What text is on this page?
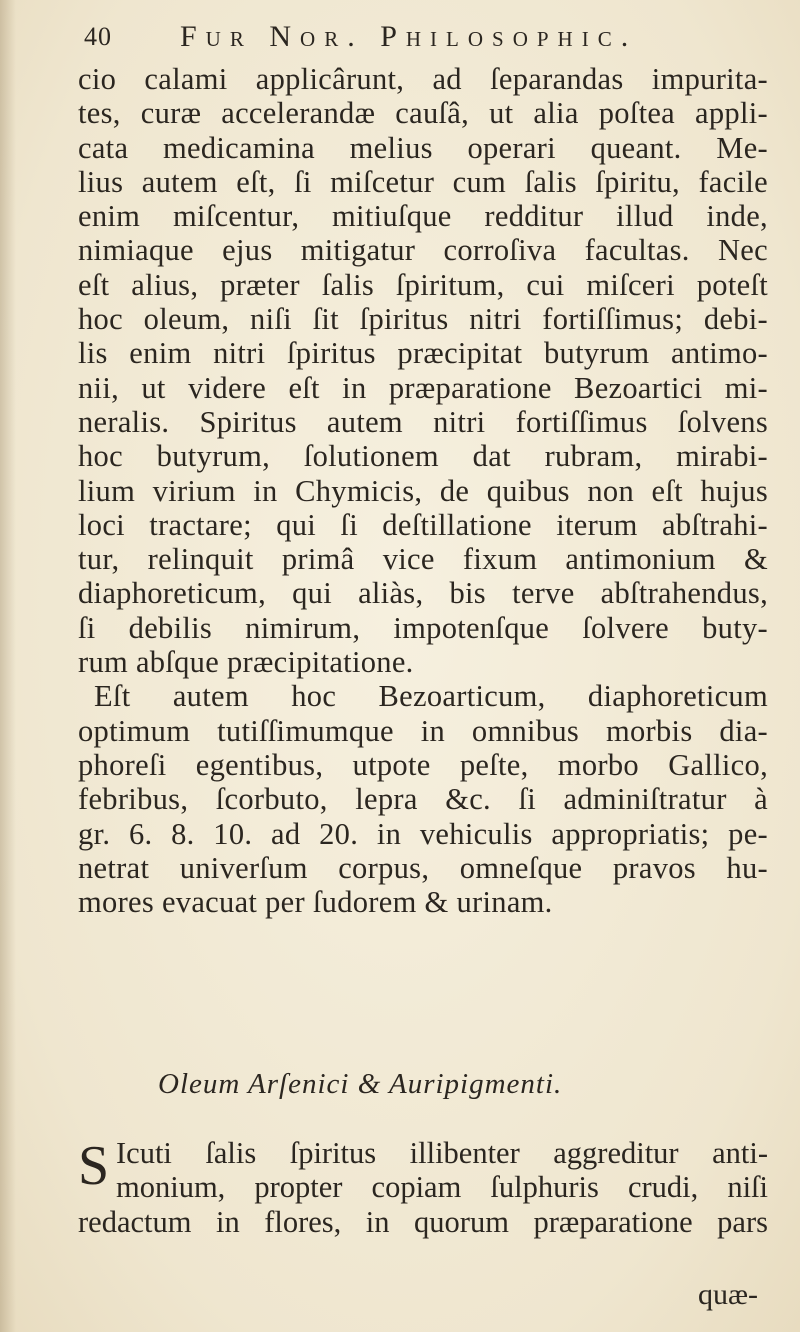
40 Fur Nor. Philosophic.
cio calami applicârunt, ad ſeparandas impurita-
tes, curæ accelerandæ cauſâ, ut alia poſtea appli-
cata medicamina melius operari queant. Me-
lius autem eſt, ſi miſcetur cum ſalis ſpiritu, facile
enim miſcentur, mitiuſque redditur illud inde,
nimiaque ejus mitigatur corroſiva facultas. Nec
eſt alius, præter ſalis ſpiritum, cui miſceri poteſt
hoc oleum, niſi ſit ſpiritus nitri fortiſſimus; debi-
lis enim nitri ſpiritus præcipitat butyrum antimo-
nii, ut videre eſt in præparatione Bezoartici mi-
neralis. Spiritus autem nitri fortiſſimus ſolvens
hoc butyrum, ſolutionem dat rubram, mirabi-
lium virium in Chymicis, de quibus non eſt hujus
loci tractare; qui ſi deſtillatione iterum abſtrahi-
tur, relinquit primâ vice fixum antimonium &
diaphoreticum, qui aliàs, bis terve abſtrahendus,
ſi debilis nimirum, impotenſque ſolvere buty-
rum abſque præcipitatione.
Eſt autem hoc Bezoarticum, diaphoreticum
optimum tutiſſimumque in omnibus morbis dia-
phoreſi egentibus, utpote peſte, morbo Gallico,
febribus, ſcorbuto, lepra &c. ſi adminiſtratur à
gr. 6. 8. 10. ad 20. in vehiculis appropriatis; pe-
netrat univerſum corpus, omneſque pravos hu-
mores evacuat per ſudorem & urinam.
Oleum Arſenici & Auripigmenti.
S Icuti ſalis ſpiritus illibenter aggreditur anti-
monium, propter copiam ſulphuris crudi, niſi
redactum in flores, in quorum præparatione pars
quæ-
